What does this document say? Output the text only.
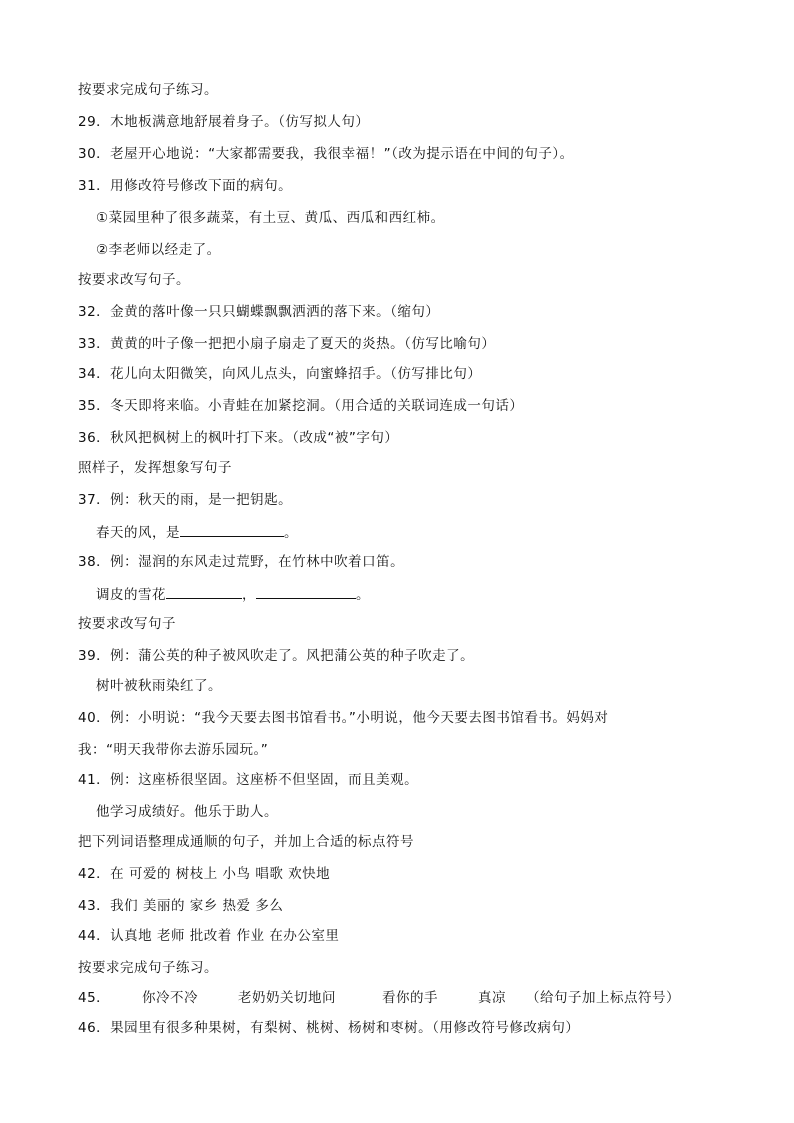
按要求完成句子练习。
29．木地板满意地舒展着身子。（仿写拟人句）
30．老屋开心地说：“大家都需要我，我很幸福！”（改为提示语在中间的句子）。
31．用修改符号修改下面的病句。
①菜园里种了很多蔬菜，有土豆、黄瓜、西瓜和西红柿。
②李老师以经走了。
按要求改写句子。
32．金黄的落叶像一只只蝴蝶飘飘洒洒的落下来。（缩句）
33．黄黄的叶子像一把把小扇子扇走了夏天的炎热。（仿写比喻句）
34．花儿向太阳微笑，向风儿点头，向蜜蜂招手。（仿写排比句）
35．冬天即将来临。小青蛙在加紧挖洞。（用合适的关联词连成一句话）
36．秋风把枫树上的枫叶打下来。（改成“被”字句）
照样子，发挥想象写句子
37．例：秋天的雨，是一把钥匙。
春天的风，是	。
38．例：湿润的东风走过荒野，在竹林中吹着口笛。
调皮的雪花	，	。
按要求改写句子
39．例：蒲公英的种子被风吹走了。风把蒲公英的种子吹走了。
树叶被秋雨染红了。
40．例：小明说：“我今天要去图书馆看书。”小明说，他今天要去图书馆看书。妈妈对
我：“明天我带你去游乐园玩。”
41．例：这座桥很坚固。这座桥不但坚固，而且美观。
他学习成绩好。他乐于助人。
把下列词语整理成通顺的句子，并加上合适的标点符号
42．在 可爱的 树枝上 小鸟 唱歌 欢快地
43．我们 美丽的 家乡 热爱 多么
44．认真地 老师 批改着 作业 在办公室里
按要求完成句子练习。
45． 你冷不冷	老奶奶关切地问	看你的手	真凉 （给句子加上标点符号）
46．果园里有很多种果树，有梨树、桃树、杨树和枣树。（用修改符号修改病句）
